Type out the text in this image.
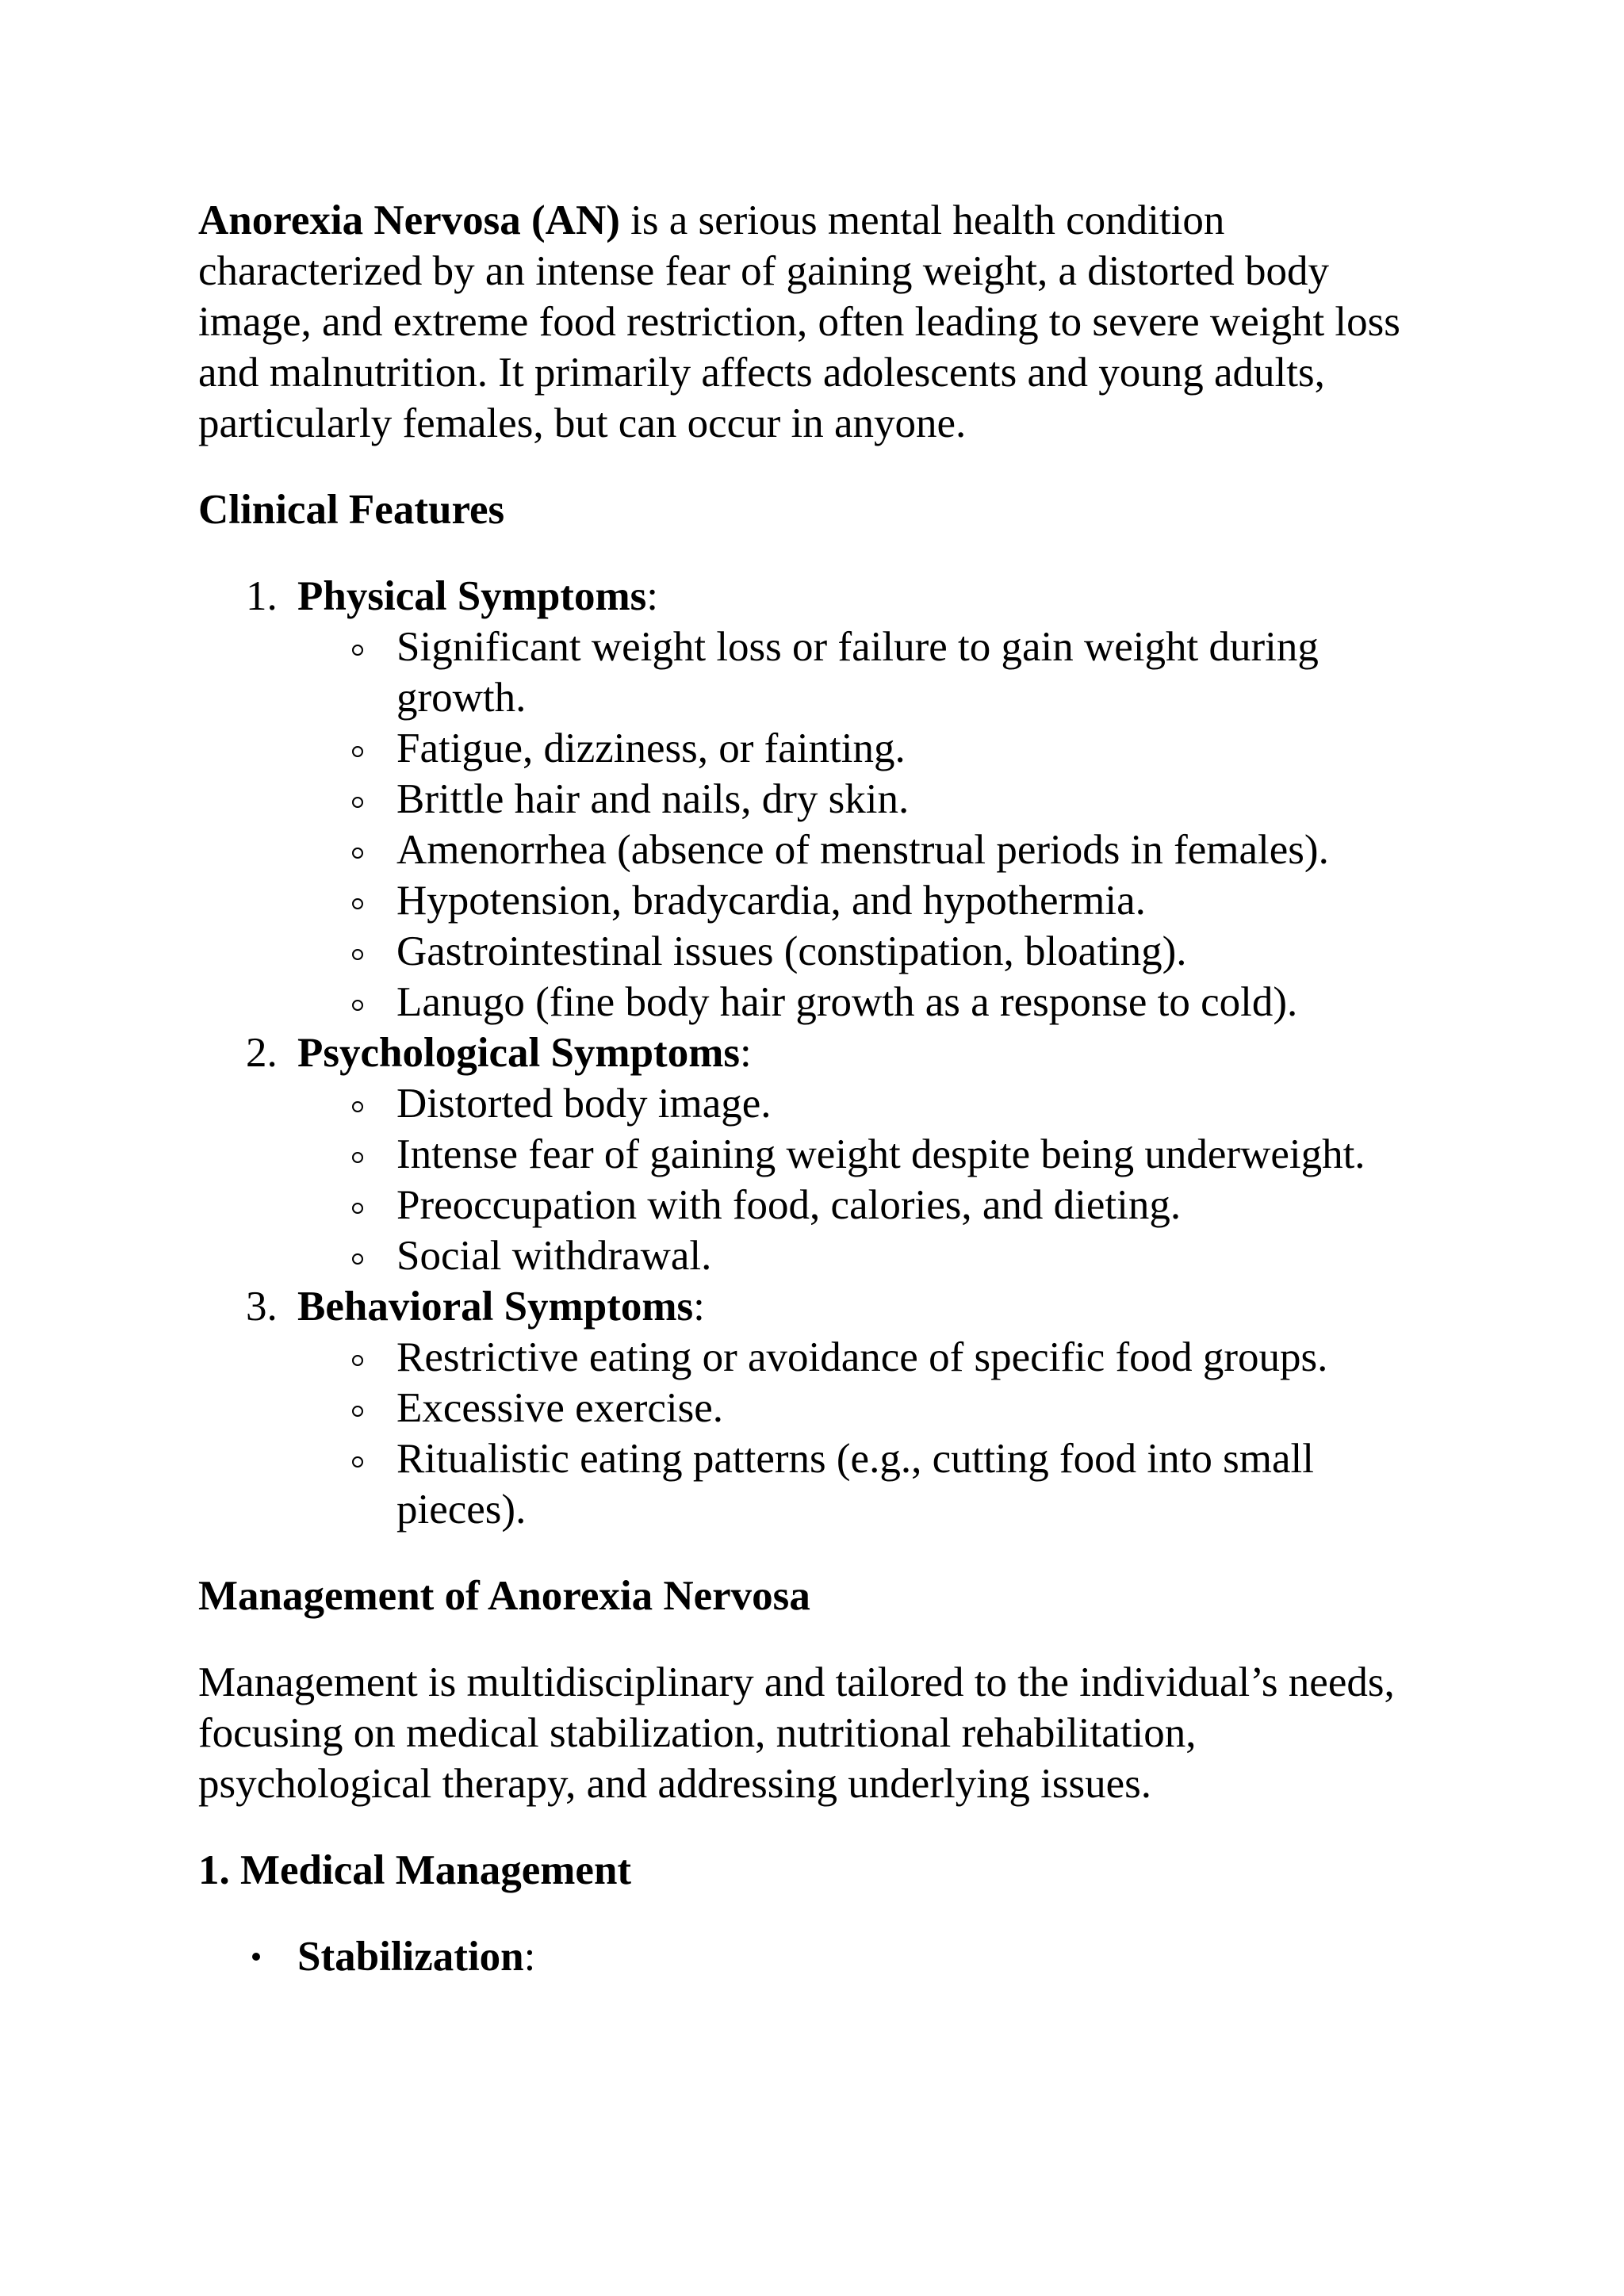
Anorexia Nervosa (AN) is a serious mental health condition characterized by an intense fear of gaining weight, a distorted body image, and extreme food restriction, often leading to severe weight loss and malnutrition. It primarily affects adolescents and young adults, particularly females, but can occur in anyone.

Clinical Features

1. Physical Symptoms:
Significant weight loss or failure to gain weight during growth.
Fatigue, dizziness, or fainting.
Brittle hair and nails, dry skin.
Amenorrhea (absence of menstrual periods in females).
Hypotension, bradycardia, and hypothermia.
Gastrointestinal issues (constipation, bloating).
Lanugo (fine body hair growth as a response to cold).
2. Psychological Symptoms:
Distorted body image.
Intense fear of gaining weight despite being underweight.
Preoccupation with food, calories, and dieting.
Social withdrawal.
3. Behavioral Symptoms:
Restrictive eating or avoidance of specific food groups.
Excessive exercise.
Ritualistic eating patterns (e.g., cutting food into small pieces).

Management of Anorexia Nervosa

Management is multidisciplinary and tailored to the individual’s needs, focusing on medical stabilization, nutritional rehabilitation, psychological therapy, and addressing underlying issues.

1. Medical Management

Stabilization:
